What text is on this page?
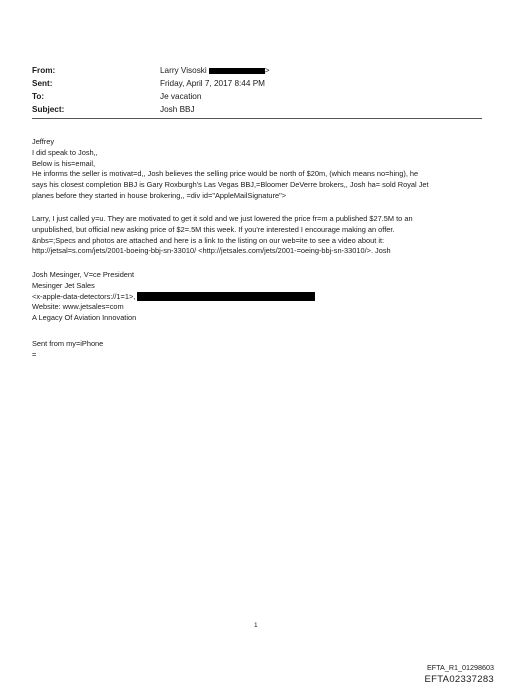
From:	Larry Visoski	>
Sent:	Friday, April 7, 2017 8:44 PM
To:	Je vacation
Subject:	Josh BBJ
Jeffrey
I did speak to Josh,,
Below is his=email,
He informs the seller is motivat=d,, Josh believes the selling price would be north of $20m, (which means no=hing), he
says his closest completion BBJ is Gary Roxburgh's Las Vegas BBJ,=Bloomer DeVerre brokers,, Josh ha= sold Royal Jet
planes before they started in house brokering,, =div id="AppleMailSignature">
Larry, I just called y=u. They are motivated to get it sold and we just lowered the price fr=m a published $27.5M to an
unpublished, but official new asking price of $2=.5M this week. If you're interested I encourage making an offer.
&nbs=;Specs and photos are attached and here is a link to the listing on our web=ite to see a video about it:
http://jetsal=s.com/jets/2001-boeing-bbj-sn-33010/ <http://jetsales.com/jets/2001-=oeing-bbj-sn-33010/>. Josh
Josh Mesinger, V=ce President
Mesinger Jet Sales
<x-apple-data-detectors://1=1>,
Website: www.jetsales=com
A Legacy Of Aviation Innovation
Sent from my=iPhone
=
1
EFTA_R1_01298603
EFTA02337283
